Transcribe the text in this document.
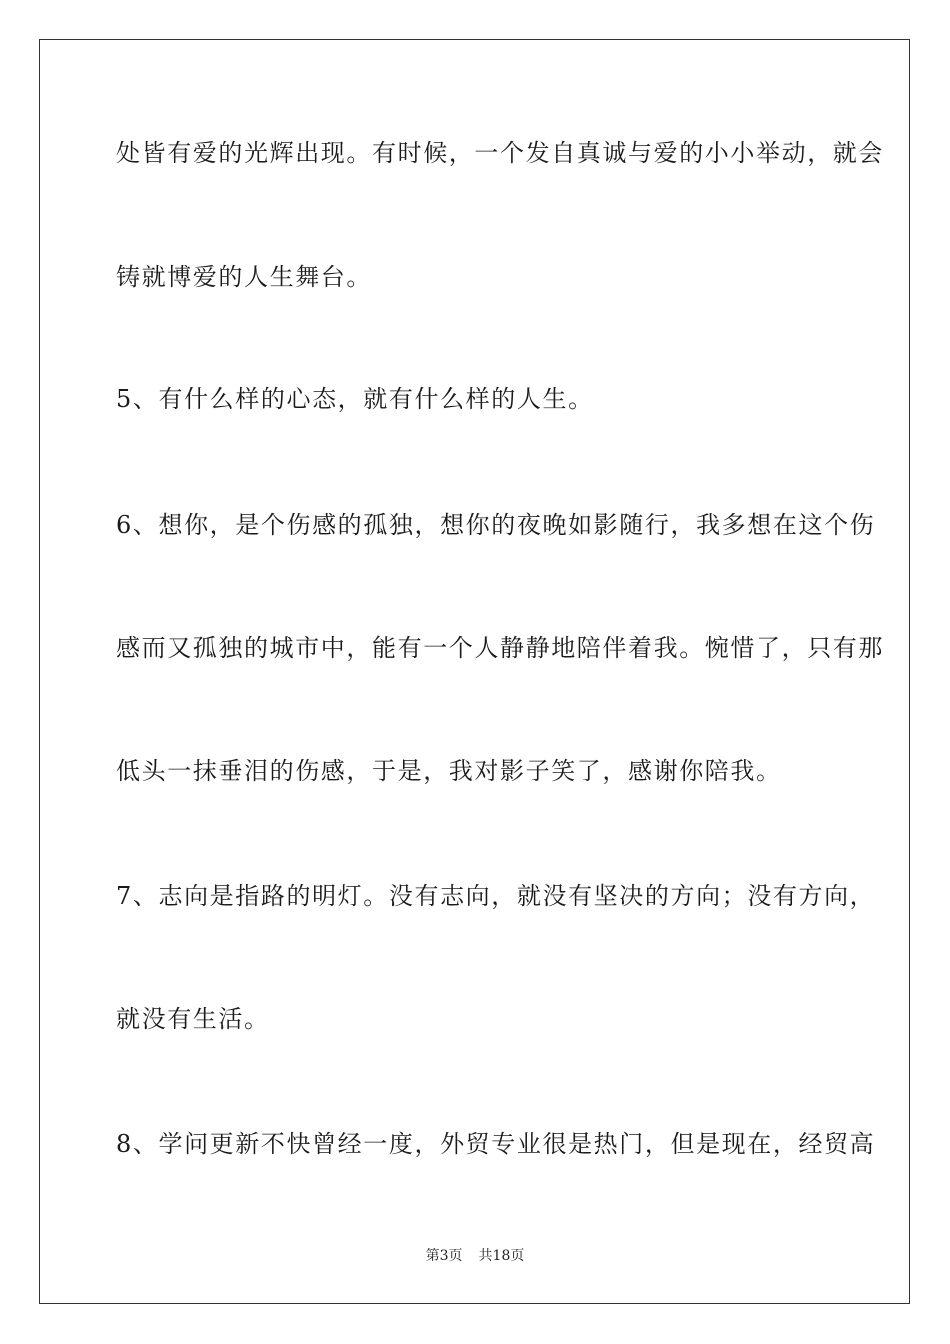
处皆有爱的光辉出现。有时候，一个发自真诚与爱的小小举动，就会
铸就博爱的人生舞台。
5、有什么样的心态，就有什么样的人生。
6、想你，是个伤感的孤独，想你的夜晚如影随行，我多想在这个伤
感而又孤独的城市中，能有一个人静静地陪伴着我。惋惜了，只有那
低头一抹垂泪的伤感，于是，我对影子笑了，感谢你陪我。
7、志向是指路的明灯。没有志向，就没有坚决的方向；没有方向，
就没有生活。
8、学问更新不快曾经一度，外贸专业很是热门，但是现在，经贸高
第3页 共18页
